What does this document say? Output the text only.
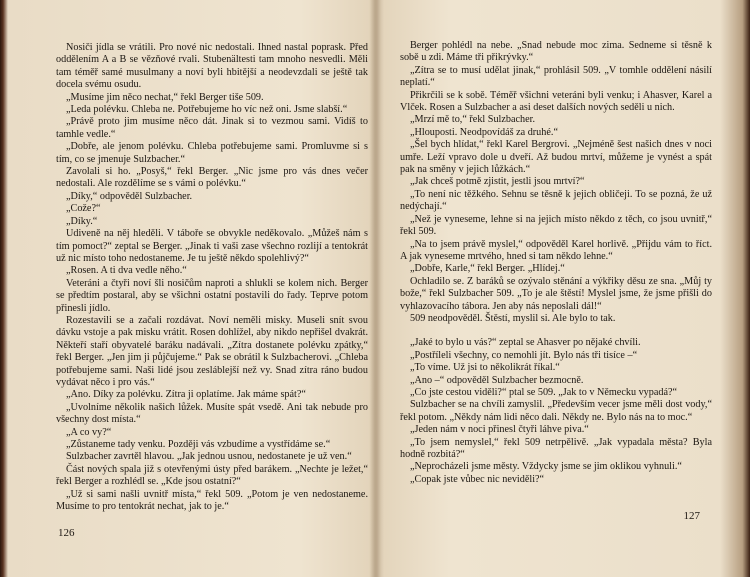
Nosiči jídla se vrátili. Pro nové nic nedostali. Ihned nastal poprask. Před oddělením A a B se vězňové rvali. Stubenältesti tam mnoho nesvedli. Měli tam téměř samé musulmany a noví byli hbitější a neodevzdali se ještě tak docela svému osudu.

„Musíme jim něco nechat,“ řekl Berger tiše 509.

„Leda polévku. Chleba ne. Potřebujeme ho víc než oni. Jsme slabší.“

„Právě proto jim musíme něco dát. Jinak si to vezmou sami. Vidíš to tamhle vedle.“

„Dobře, ale jenom polévku. Chleba potřebujeme sami. Promluvme si s tím, co se jmenuje Sulzbacher.“

Zavolali si ho. „Posyš,“ řekl Berger. „Nic jsme pro vás dnes večer nedostali. Ale rozdělíme se s vámi o polévku.“

„Díky,“ odpověděl Sulzbacher.

„Cože?“

„Díky.“

Udiveně na něj hleděli. V táboře se obvykle neděkovalo. „Můžeš nám s tím pomoct?“ zeptal se Berger. „Jinak ti vaši zase všechno rozlijí a tentokrát už nic místo toho nedostaneme. Je tu ještě někdo spolehlivý?“

„Rosen. A ti dva vedle něho.“

Veteráni a čtyři noví šli nosičům naproti a shlukli se kolem nich. Berger se předtím postaral, aby se všichni ostatní postavili do řady. Teprve potom přinesli jídlo.

Rozestavili se a začali rozdávat. Noví neměli misky. Museli snít svou dávku vstoje a pak misku vrátit. Rosen dohlížel, aby nikdo nepřišel dvakrát. Někteří staří obyvatelé baráku nadávali. „Zítra dostanete polévku zpátky,“ řekl Berger. „Jen jim ji půjčujeme.“ Pak se obrátil k Sulzbacherovi. „Chleba potřebujeme sami. Naši lidé jsou zesláblejší než vy. Snad zítra ráno budou vydávat něco i pro vás.“

„Ano. Díky za polévku. Zítra ji oplatíme. Jak máme spát?“

„Uvolníme několik našich lůžek. Musíte spát vsedě. Ani tak nebude pro všechny dost místa.“

„A co vy?“

„Zůstaneme tady venku. Později vás vzbudíme a vystřídáme se.“

Sulzbacher zavrtěl hlavou. „Jak jednou usnou, nedostanete je už ven.“

Část nových spala již s otevřenými ústy před barákem. „Nechte je ležet,“ řekl Berger a rozhlédl se. „Kde jsou ostatní?“

„Už si sami našli uvnitř místa,“ řekl 509. „Potom je ven nedostaneme. Musíme to pro tentokrát nechat, jak to je.“

126

Berger pohlédl na nebe. „Snad nebude moc zima. Sedneme si těsně k sobě u zdi. Máme tři přikrývky.“

„Zítra se to musí udělat jinak,“ prohlásil 509. „V tomhle oddělení násilí neplatí.“

Přikrčili se k sobě. Téměř všichni veteráni byli venku; i Ahasver, Karel a Vlček. Rosen a Sulzbacher a asi deset dalších nových seděli u nich.

„Mrzí mě to,“ řekl Sulzbacher.

„Hlouposti. Neodpovídáš za druhé.“

„Šel bych hlídat,“ řekl Karel Bergrovi. „Nejméně šest našich dnes v noci umře. Leží vpravo dole u dveří. Až budou mrtví, můžeme je vynést a spát pak na směny v jejich lůžkách.“

„Jak chceš potmě zjistit, jestli jsou mrtví?“

„To není nic těžkého. Sehnu se těsně k jejich obličeji. To se pozná, že už nedýchají.“

„Než je vyneseme, lehne si na jejich místo někdo z těch, co jsou uvnitř,“ řekl 509.

„Na to jsem právě myslel,“ odpověděl Karel horlivě. „Přijdu vám to říct. A jak vyneseme mrtvého, hned si tam někdo lehne.“

„Dobře, Karle,“ řekl Berger. „Hlídej.“

Ochladilo se. Z baráků se ozývalo stěnání a výkřiky děsu ze sna. „Můj ty bože,“ řekl Sulzbacher 509. „To je ale štěstí! Myslel jsme, že jsme přišli do vyhlazovacího tábora. Jen aby nás neposlali dál!“

509 neodpověděl. Štěstí, myslil si. Ale bylo to tak.

„Jaké to bylo u vás?“ zeptal se Ahasver po nějaké chvíli.

„Postříleli všechny, co nemohli jít. Bylo nás tři tisíce –“

„To víme. Už jsi to několikrát říkal.“

„Ano –“ odpověděl Sulzbacher bezmocně.

„Co jste cestou viděli?“ ptal se 509. „Jak to v Německu vypadá?“

Sulzbacher se na chvíli zamyslil. „Především vecer jsme měli dost vody,“ řekl potom. „Někdy nám lidi něco dali. Někdy ne. Bylo nás na to moc.“

„Jeden nám v noci přinesl čtyři láhve piva.“

„To jsem nemyslel,“ řekl 509 netrpělivě. „Jak vypadala města? Byla hodně rozbitá?“

„Neprocházeli jsme městy. Vždycky jsme se jim oklikou vyhnuli.“

„Copak jste vůbec nic neviděli?“

127
